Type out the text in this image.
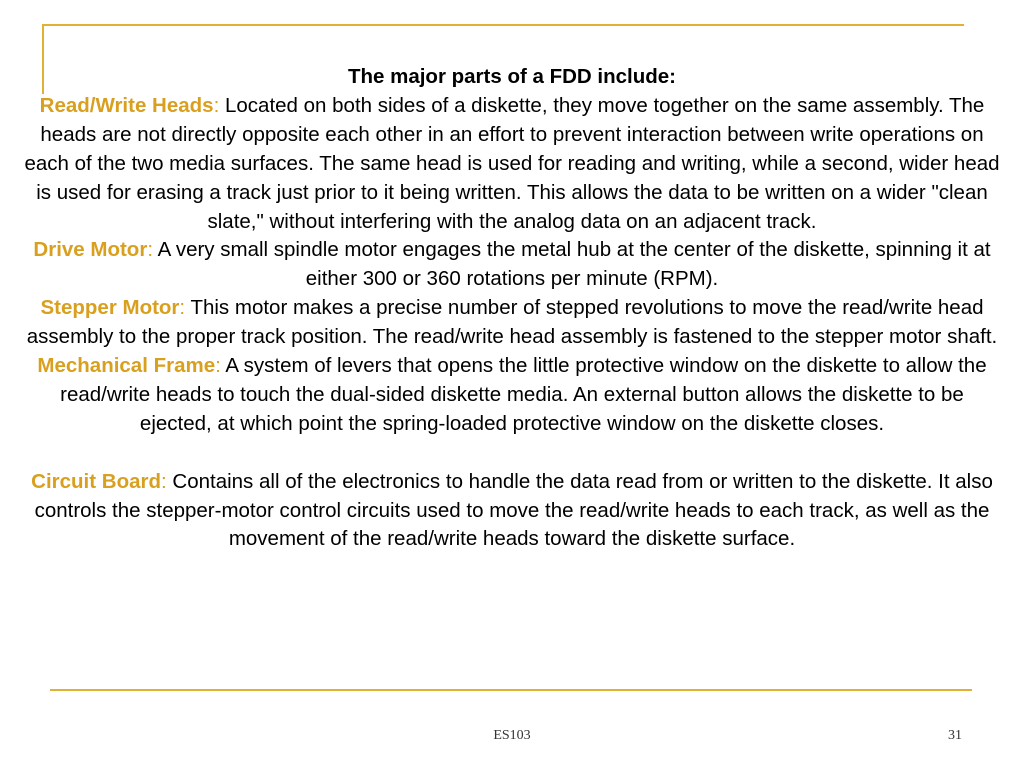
The major parts of a FDD include:

Read/Write Heads: Located on both sides of a diskette, they move together on the same assembly. The heads are not directly opposite each other in an effort to prevent interaction between write operations on each of the two media surfaces. The same head is used for reading and writing, while a second, wider head is used for erasing a track just prior to it being written. This allows the data to be written on a wider "clean slate," without interfering with the analog data on an adjacent track.

Drive Motor: A very small spindle motor engages the metal hub at the center of the diskette, spinning it at either 300 or 360 rotations per minute (RPM).

Stepper Motor: This motor makes a precise number of stepped revolutions to move the read/write head assembly to the proper track position. The read/write head assembly is fastened to the stepper motor shaft.

Mechanical Frame: A system of levers that opens the little protective window on the diskette to allow the read/write heads to touch the dual-sided diskette media. An external button allows the diskette to be ejected, at which point the spring-loaded protective window on the diskette closes.

Circuit Board: Contains all of the electronics to handle the data read from or written to the diskette. It also controls the stepper-motor control circuits used to move the read/write heads to each track, as well as the movement of the read/write heads toward the diskette surface.

ES103	31
